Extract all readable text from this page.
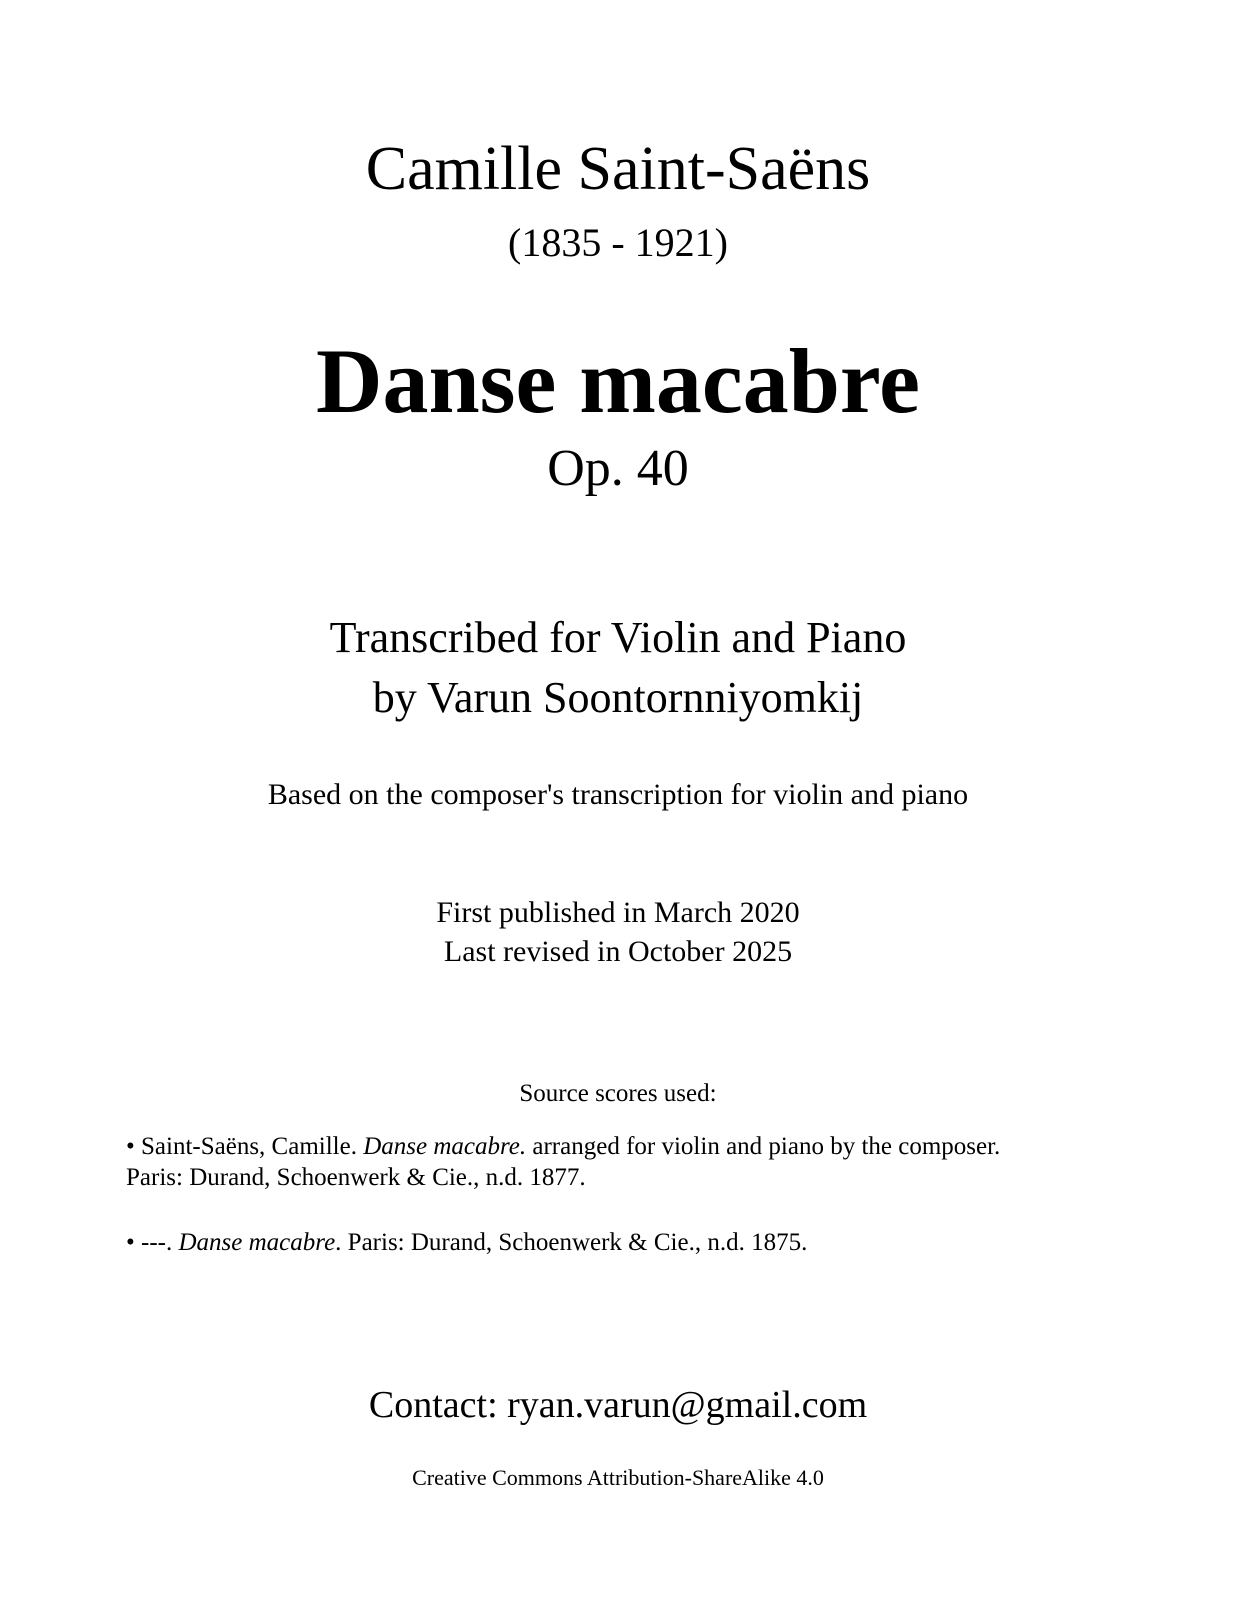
Camille Saint-Saëns
(1835 - 1921)
Danse macabre
Op. 40
Transcribed for Violin and Piano
by Varun Soontornniyomkij
Based on the composer's transcription for violin and piano
First published in March 2020
Last revised in October 2025
Source scores used:
• Saint-Saëns, Camille. Danse macabre. arranged for violin and piano by the composer.
Paris: Durand, Schoenwerk & Cie., n.d. 1877.
• ---. Danse macabre. Paris: Durand, Schoenwerk & Cie., n.d. 1875.
Contact: ryan.varun@gmail.com
Creative Commons Attribution-ShareAlike 4.0
